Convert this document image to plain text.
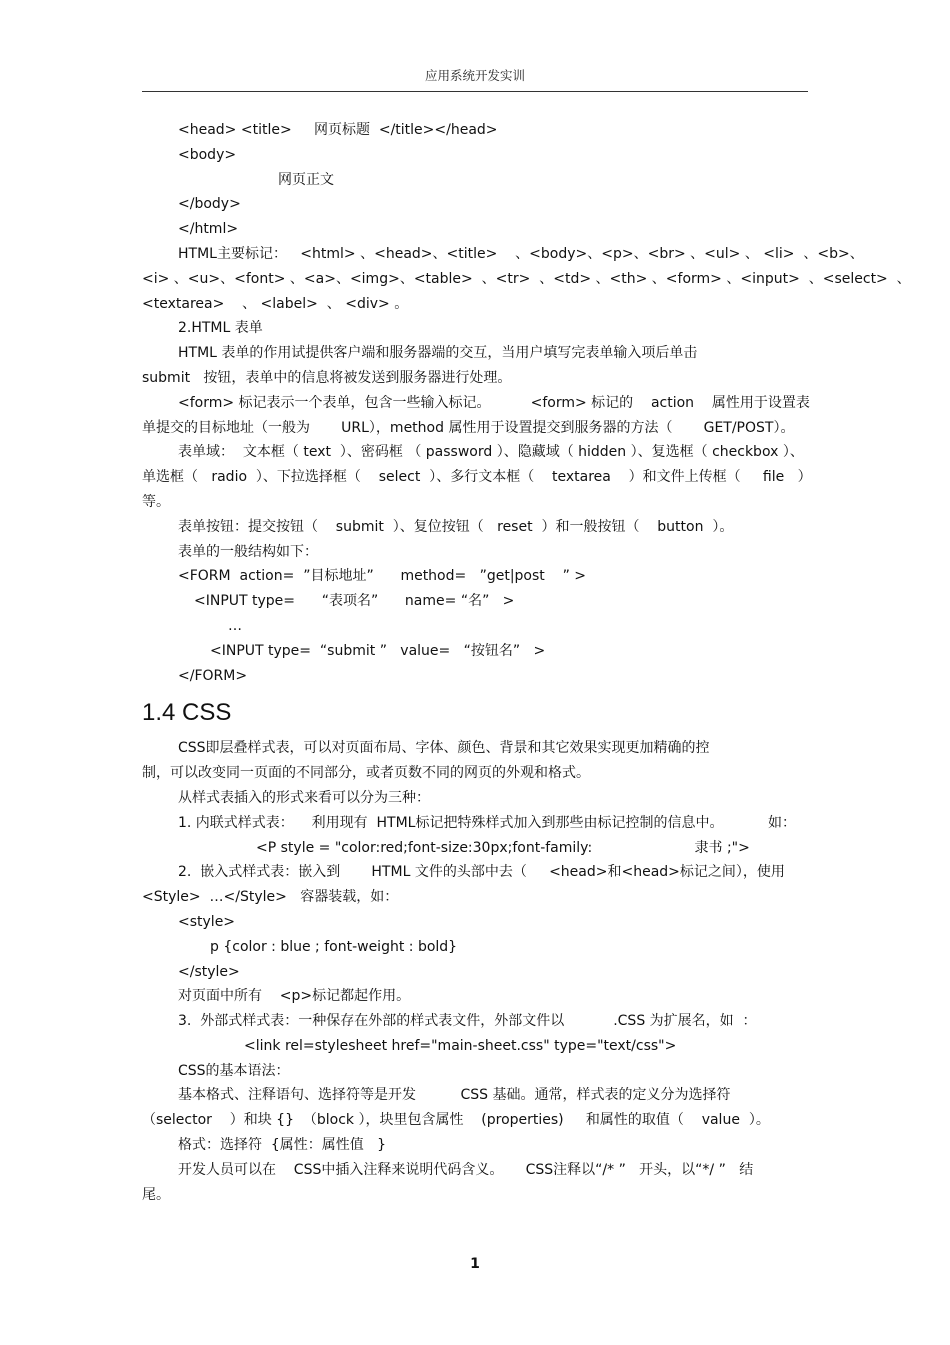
应用系统开发实训
<head> <title>     网页标题  </title></head>
<body>
网页正文
</body>
</html>
HTML主要标记：   <html> 、<head>、<title>    、<body>、<p>、<br> 、<ul> 、 <li>  、<b>、
<i> 、<u>、<font> 、<a>、<img>、<table>  、<tr>  、<td> 、<th> 、<form> 、<input>  、<select>  、
<textarea>    、 <label>  、 <div> 。
2.HTML 表单
HTML 表单的作用试提供客户端和服务器端的交互，当用户填写完表单输入项后单击
submit   按钮，表单中的信息将被发送到服务器进行处理。
<form> 标记表示一个表单，包含一些输入标记。         <form> 标记的    action    属性用于设置表
单提交的目标地址（一般为       URL），method 属性用于设置提交到服务器的方法（       GET/POST）。
表单域：  文本框（ text  ）、密码框 （ password ）、隐藏域（ hidden ）、复选框（ checkbox ）、
单选框（   radio  ）、下拉选择框（    select  ）、多行文本框（    textarea    ）和文件上传框（     file   ）
等。
表单按钮：提交按钮（    submit  ）、复位按钮（   reset  ）和一般按钮（    button  ）。
表单的一般结构如下：
<FORM  action=  ”目标地址”      method=   ”get|post    ” >
<INPUT type=      “表项名”      name= “名”   >
…
<INPUT type=  “submit ”   value=   “按钮名”   >
</FORM>
1.4 CSS
CSS即层叠样式表，可以对页面布局、字体、颜色、背景和其它效果实现更加精确的控
制，可以改变同一页面的不同部分，或者页数不同的网页的外观和格式。
从样式表插入的形式来看可以分为三种：
1. 内联式样式表：    利用现有  HTML标记把特殊样式加入到那些由标记控制的信息中。          如：
<P style = "color:red;font-size:30px;font-family:                       隶书 ;">
2.  嵌入式样式表：嵌入到       HTML 文件的头部中去（     <head>和<head>标记之间），使用
<Style>  …</Style>   容器装载，如：
<style>
p {color : blue ; font-weight : bold}
</style>
对页面中所有    <p>标记都起作用。
3.  外部式样式表：一种保存在外部的样式表文件，外部文件以           .CSS 为扩展名，如  ：
<link rel=stylesheet href="main-sheet.css" type="text/css">
CSS的基本语法：
基本格式、注释语句、选择符等是开发          CSS 基础。通常，样式表的定义分为选择符
（selector    ）和块 {}  （block ），块里包含属性    (properties)     和属性的取值（    value  ）。
格式：选择符  {属性：属性值   }
开发人员可以在    CSS中插入注释来说明代码含义。     CSS注释以“/* ”   开头，以“*/ ”   结
尾。
1
